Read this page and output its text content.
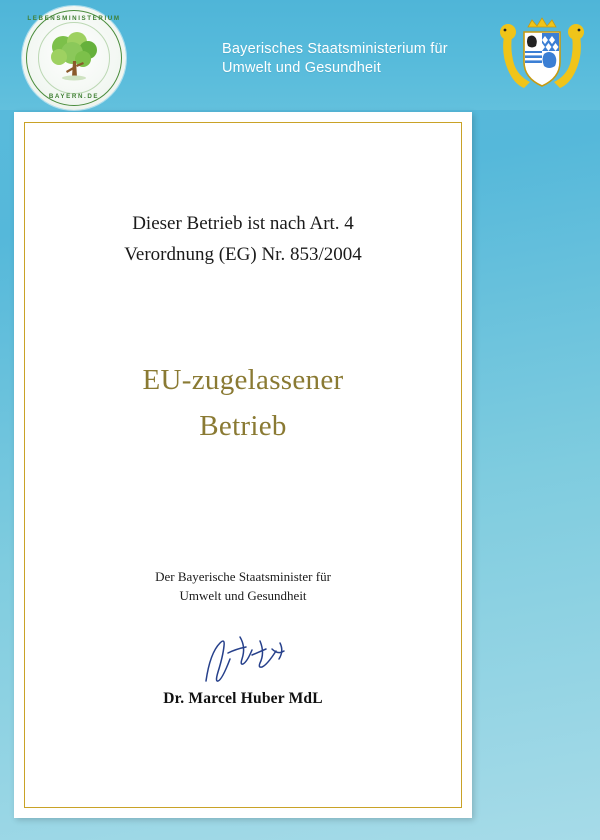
LEBENSMINISTERIUM
BAYERN.DE
Bayerisches Staatsministerium für
Umwelt und Gesundheit
Dieser Betrieb ist nach Art. 4
Verordnung (EG) Nr. 853/2004
EU-zugelassener
Betrieb
Der Bayerische Staatsminister für
Umwelt und Gesundheit
Dr. Marcel Huber MdL
